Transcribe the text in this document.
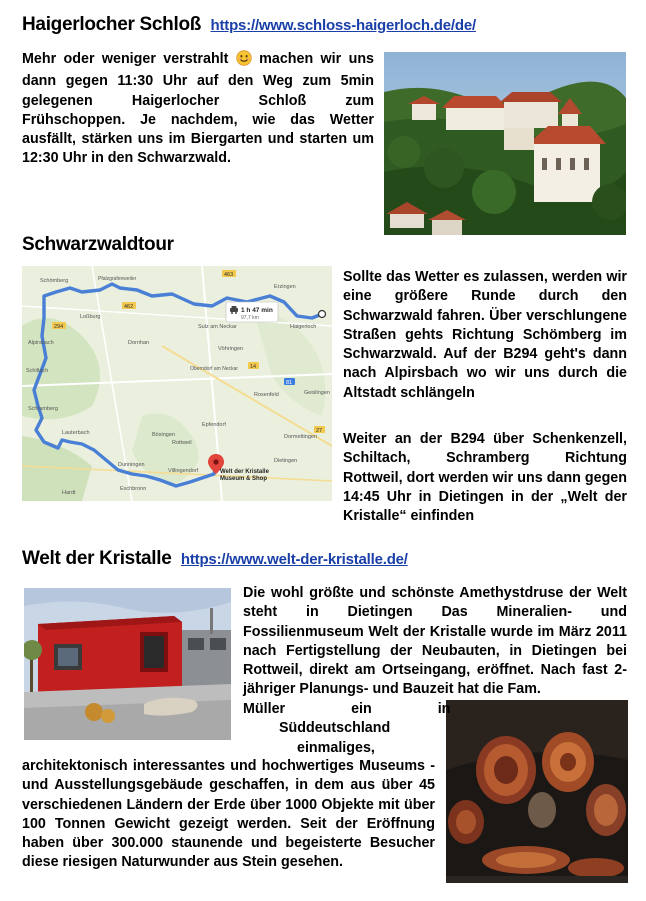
Haigerlocher Schloß https://www.schloss-haigerloch.de/de/

Mehr oder weniger verstrahlt  machen wir uns dann gegen 11:30 Uhr auf den Weg zum 5min gelegenen Haigerlocher Schloß zum Frühschoppen. Je nachdem, wie das Wetter ausfällt, stärken uns im Biergarten und starten um 12:30 Uhr in den Schwarzwald.

Schwarzwaldtour
Schömberg
Dornhan
Sulz am Neckar
Vöhringen
Erzingen
Haigerloch
Pfalzgrafenweiler
Alpirsbach
Oberndorf am Neckar
Rosenfeld
Schramberg
Schiltach
Dunningen
Rottweil
Villingendorf
Eschbronn
Hardt
Lauterbach
Loßburg
Epfendorf
Bösingen
Dietingen
Geislingen
Dormettingen
294
462
27
14
463
81
1 h 47 min
97,7 km
Welt der Kristalle
Museum & Shop

Sollte das Wetter es zulassen, werden wir eine größere Runde durch den Schwarzwald fahren. Über verschlungene Straßen gehts Richtung Schömberg im Schwarzwald. Auf der B294 geht's dann nach Alpirsbach wo wir uns durch die Altstadt schlängeln

Weiter an der B294 über Schenkenzell, Schiltach, Schramberg Richtung Rottweil, dort werden wir uns dann gegen 14:45 Uhr in Dietingen in der „Welt der Kristalle“ einfinden

Welt der Kristalle https://www.welt-der-kristalle.de/

Die wohl größte und schönste Amethystdruse der Welt steht in Dietingen Das Mineralien- und Fossilienmuseum Welt der Kristalle wurde im März 2011 nach Fertigstellung der Neubauten, in Dietingen bei Rottweil, direkt am Ortseingang, eröffnet. Nach fast 2-jähriger Planungs- und Bauzeit hat die Fam.

Müller ein in
Süddeutschland
einmaliges,

architektonisch interessantes und hochwertiges Museums -und Ausstellungsgebäude geschaffen, in dem aus über 45 verschiedenen Ländern der Erde über 1000 Objekte mit über 100 Tonnen Gewicht gezeigt werden. Seit der Eröffnung haben über 300.000 staunende und begeisterte Besucher diese riesigen Naturwunder aus Stein gesehen.
